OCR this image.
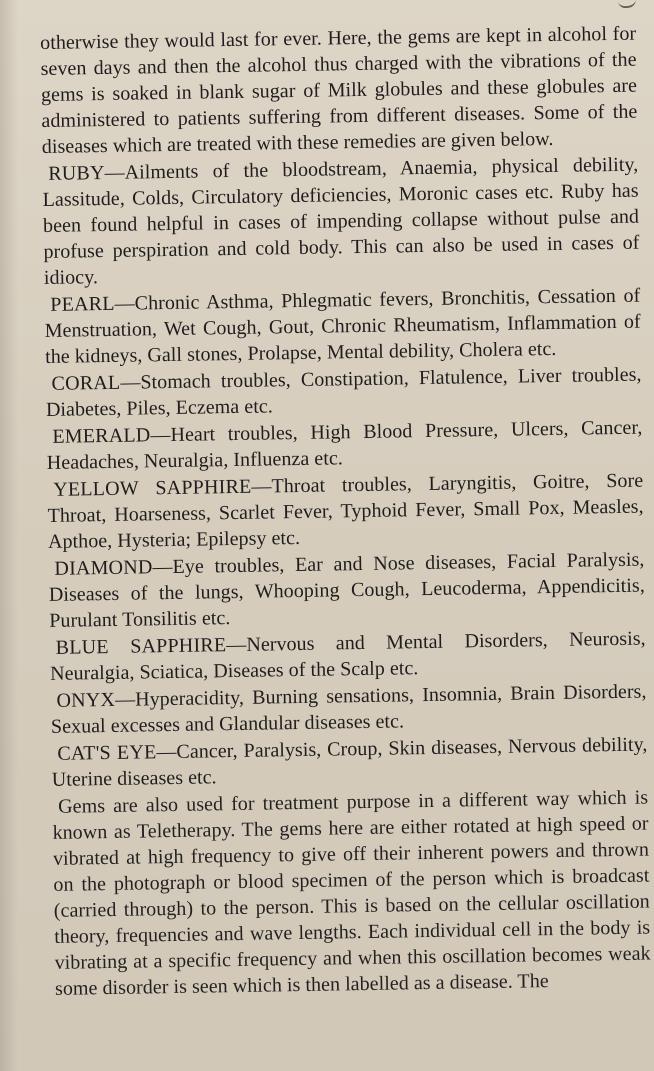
otherwise they would last for ever. Here, the gems are kept in alcohol for seven days and then the alcohol thus charged with the vibrations of the gems is soaked in blank sugar of Milk globules and these globules are administered to patients suffering from different diseases. Some of the diseases which are treated with these remedies are given below.

RUBY—Ailments of the bloodstream, Anaemia, physical debility, Lassitude, Colds, Circulatory deficiencies, Moronic cases etc. Ruby has been found helpful in cases of impending collapse without pulse and profuse perspiration and cold body. This can also be used in cases of idiocy.

PEARL—Chronic Asthma, Phlegmatic fevers, Bronchitis, Cessation of Menstruation, Wet Cough, Gout, Chronic Rheumatism, Inflammation of the kidneys, Gall stones, Prolapse, Mental debility, Cholera etc.

CORAL—Stomach troubles, Constipation, Flatulence, Liver troubles, Diabetes, Piles, Eczema etc.

EMERALD—Heart troubles, High Blood Pressure, Ulcers, Cancer, Headaches, Neuralgia, Influenza etc.

YELLOW SAPPHIRE—Throat troubles, Laryngitis, Goitre, Sore Throat, Hoarseness, Scarlet Fever, Typhoid Fever, Small Pox, Measles, Apthoe, Hysteria; Epilepsy etc.

DIAMOND—Eye troubles, Ear and Nose diseases, Facial Paralysis, Diseases of the lungs, Whooping Cough, Leucoderma, Appendicitis, Purulant Tonsilitis etc.

BLUE SAPPHIRE—Nervous and Mental Disorders, Neurosis, Neuralgia, Sciatica, Diseases of the Scalp etc.

ONYX—Hyperacidity, Burning sensations, Insomnia, Brain Disorders, Sexual excesses and Glandular diseases etc.

CAT'S EYE—Cancer, Paralysis, Croup, Skin diseases, Nervous debility, Uterine diseases etc.

Gems are also used for treatment purpose in a different way which is known as Teletherapy. The gems here are either rotated at high speed or vibrated at high frequency to give off their inherent powers and thrown on the photograph or blood specimen of the person which is broadcast (carried through) to the person. This is based on the cellular oscillation theory, frequencies and wave lengths. Each individual cell in the body is vibrating at a specific frequency and when this oscillation becomes weak some disorder is seen which is then labelled as a disease. The
